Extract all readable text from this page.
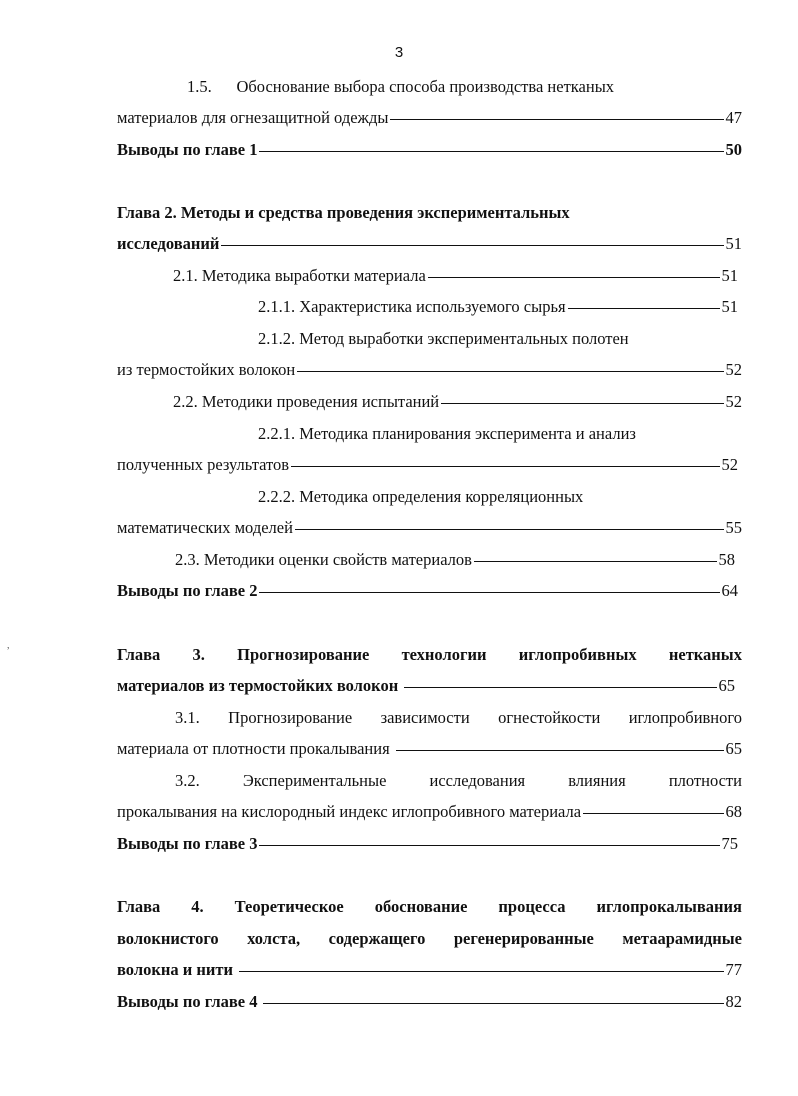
3
1.5.      Обоснование выбора способа производства нетканых
материалов для огнезащитной одежды	47
Выводы по главе 1	50
Глава 2. Методы и средства проведения экспериментальных
исследований	51
2.1. Методика выработки материала	51
2.1.1. Характеристика используемого сырья	51
2.1.2. Метод выработки экспериментальных полотен
из термостойких волокон	52
2.2. Методики проведения испытаний	52
2.2.1. Методика планирования эксперимента и анализ
полученных результатов	52
2.2.2. Методика определения корреляционных
математических моделей	55
2.3. Методики оценки свойств материалов	58
Выводы по главе 2	64
,	Глава 3. Прогнозирование технологии иглопробивных нетканых
материалов из термостойких волокон	65
3.1. Прогнозирование зависимости огнестойкости иглопробивного
материала от плотности прокалывания	65
3.2.	Экспериментальные	исследования	влияния	плотности
прокалывания на кислородный индекс иглопробивного материала	68
Выводы по главе 3	75
Глава 4. Теоретическое обоснование процесса иглопрокалывания
волокнистого холста, содержащего регенерированные метаарамидные
волокна и нити	77
Выводы по главе 4	82
